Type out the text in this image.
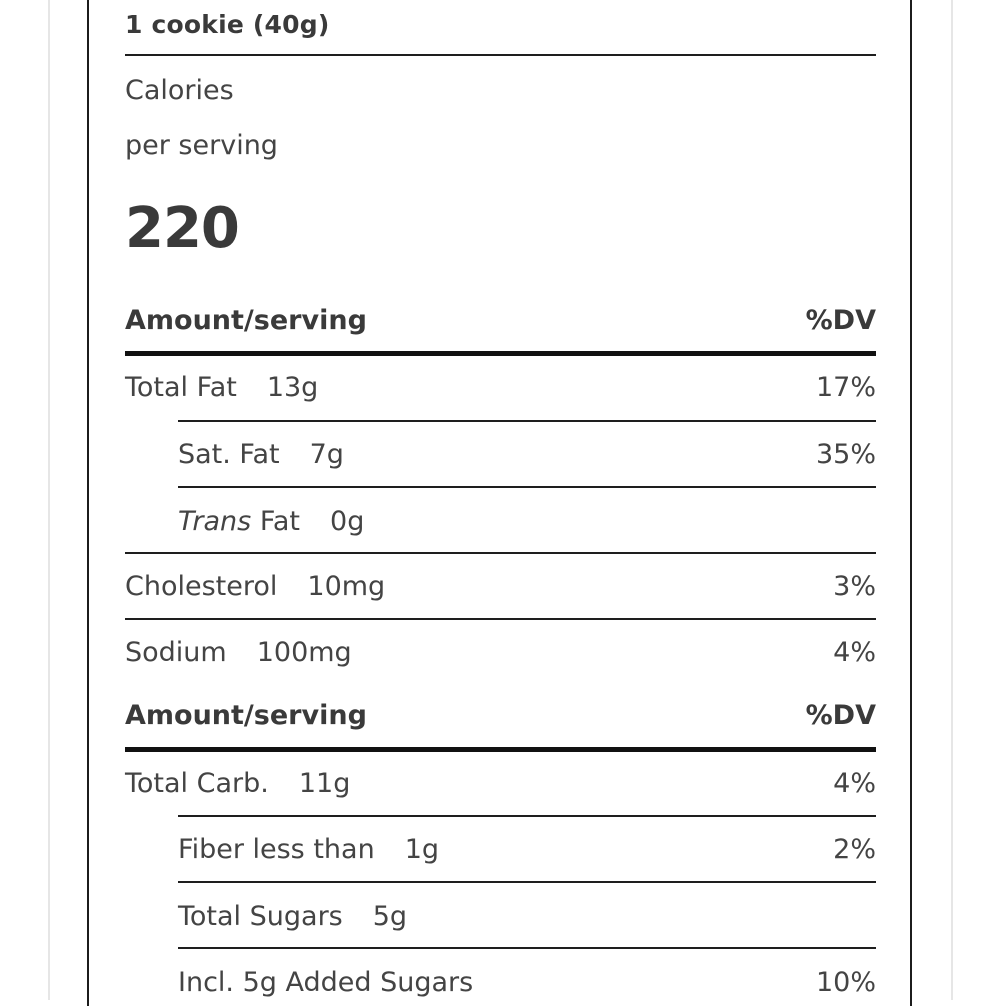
1 cookie (40g)
Calories
per serving
220
Amount/serving	%DV
Total Fat 13g	17%
Sat. Fat 7g	35%
Trans Fat 0g
Cholesterol 10mg	3%
Sodium 100mg	4%
Amount/serving	%DV
Total Carb. 11g	4%
Fiber less than 1g	2%
Total Sugars 5g
Incl. 5g Added Sugars	10%
